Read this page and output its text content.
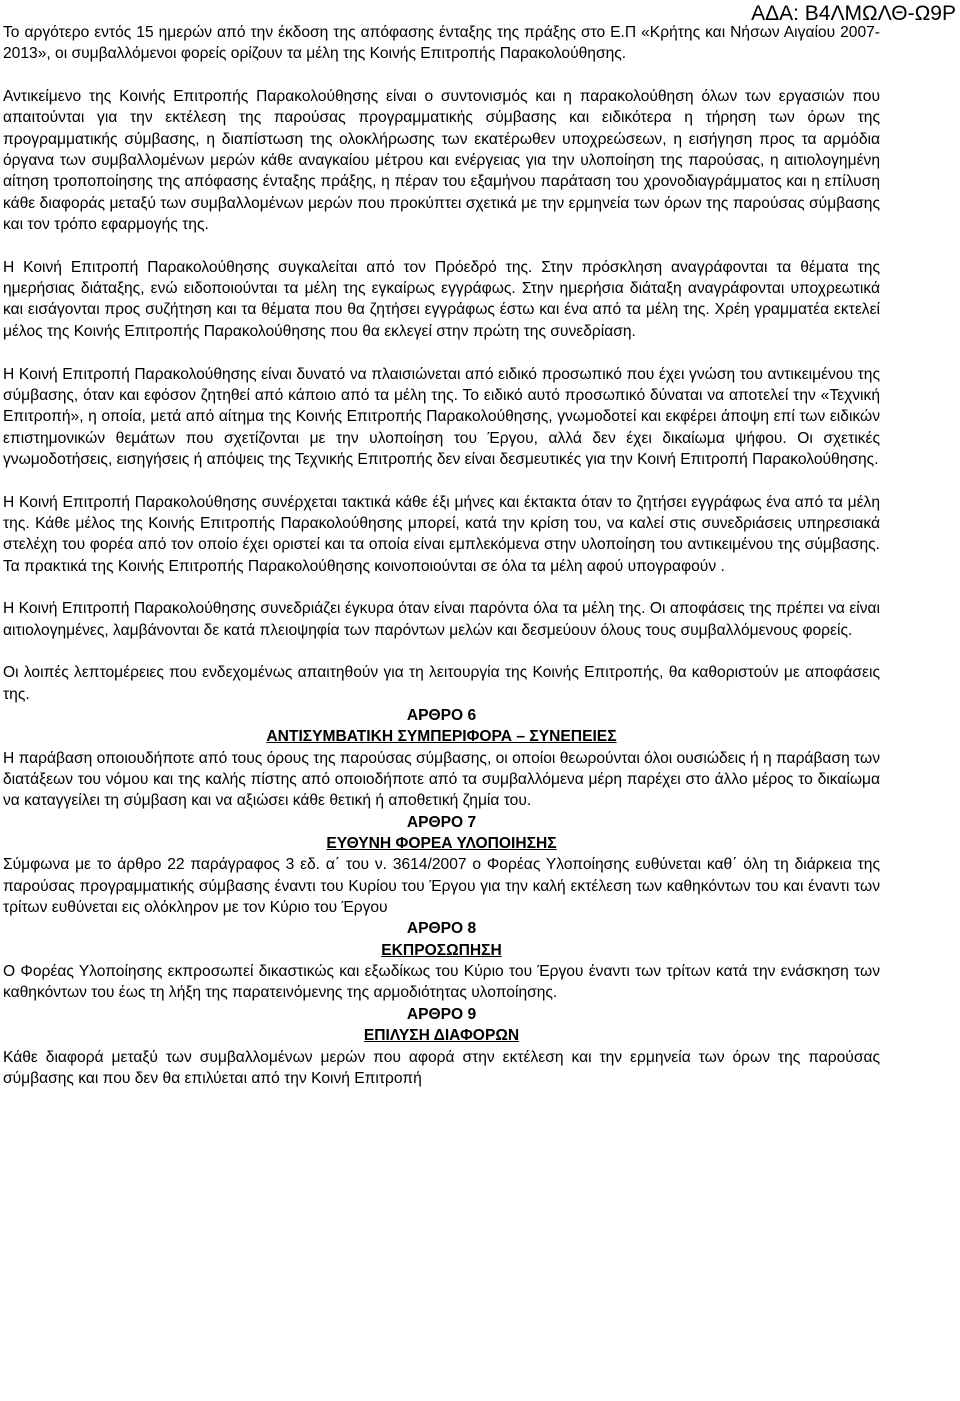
ΑΔΑ: Β4ΛΜΩΛΘ-Ω9Ρ

Το αργότερο εντός 15 ημερών από την έκδοση της απόφασης ένταξης της πράξης στο Ε.Π «Κρήτης και Νήσων Αιγαίου 2007-2013», οι συμβαλλόμενοι φορείς ορίζουν τα μέλη της Κοινής Επιτροπής Παρακολούθησης.

Αντικείμενο της Κοινής Επιτροπής Παρακολούθησης είναι ο συντονισμός και η παρακολούθηση όλων των εργασιών που απαιτούνται για την εκτέλεση της παρούσας προγραμματικής σύμβασης και ειδικότερα η τήρηση των όρων της προγραμματικής σύμβασης, η διαπίστωση της ολοκλήρωσης των εκατέρωθεν υποχρεώσεων, η εισήγηση προς τα αρμόδια όργανα των συμβαλλομένων μερών κάθε αναγκαίου μέτρου και ενέργειας για την υλοποίηση της παρούσας, η αιτιολογημένη αίτηση τροποποίησης της απόφασης ένταξης πράξης, η πέραν του εξαμήνου παράταση του χρονοδιαγράμματος και η επίλυση κάθε διαφοράς μεταξύ των συμβαλλομένων μερών που προκύπτει σχετικά με την ερμηνεία των όρων της παρούσας σύμβασης και τον τρόπο εφαρμογής της.

Η Κοινή Επιτροπή Παρακολούθησης συγκαλείται από τον Πρόεδρό της. Στην πρόσκληση αναγράφονται τα θέματα της ημερήσιας διάταξης, ενώ ειδοποιούνται τα μέλη της εγκαίρως εγγράφως. Στην ημερήσια διάταξη αναγράφονται υποχρεωτικά και εισάγονται προς συζήτηση και τα θέματα που θα ζητήσει εγγράφως έστω και ένα από τα μέλη της. Χρέη γραμματέα εκτελεί μέλος της Κοινής Επιτροπής Παρακολούθησης που θα εκλεγεί στην πρώτη της συνεδρίαση.

Η Κοινή Επιτροπή Παρακολούθησης είναι δυνατό να πλαισιώνεται από ειδικό προσωπικό που έχει γνώση του αντικειμένου της σύμβασης, όταν και εφόσον ζητηθεί από κάποιο από τα μέλη της. Το ειδικό αυτό προσωπικό δύναται να αποτελεί την «Τεχνική Επιτροπή», η οποία, μετά από αίτημα της Κοινής Επιτροπής Παρακολούθησης, γνωμοδοτεί και εκφέρει άποψη επί των ειδικών επιστημονικών θεμάτων που σχετίζονται με την υλοποίηση του Έργου, αλλά δεν έχει δικαίωμα ψήφου. Οι σχετικές γνωμοδοτήσεις, εισηγήσεις ή απόψεις της Τεχνικής Επιτροπής δεν είναι δεσμευτικές για την Κοινή Επιτροπή Παρακολούθησης.

Η Κοινή Επιτροπή Παρακολούθησης συνέρχεται τακτικά κάθε έξι μήνες και έκτακτα όταν το ζητήσει εγγράφως ένα από τα μέλη της. Κάθε μέλος της Κοινής Επιτροπής Παρακολούθησης μπορεί, κατά την κρίση του, να καλεί στις συνεδριάσεις υπηρεσιακά στελέχη του φορέα από τον οποίο έχει οριστεί και τα οποία είναι εμπλεκόμενα στην υλοποίηση του αντικειμένου της σύμβασης. Τα πρακτικά της Κοινής Επιτροπής Παρακολούθησης κοινοποιούνται σε όλα τα μέλη αφού υπογραφούν .

Η Κοινή Επιτροπή Παρακολούθησης συνεδριάζει έγκυρα όταν είναι παρόντα όλα τα μέλη της. Οι αποφάσεις της πρέπει να είναι αιτιολογημένες, λαμβάνονται δε κατά πλειοψηφία των παρόντων μελών και δεσμεύουν όλους τους συμβαλλόμενους φορείς.

Οι λοιπές λεπτομέρειες που ενδεχομένως απαιτηθούν για τη λειτουργία της Κοινής Επιτροπής, θα καθοριστούν με αποφάσεις της.

ΑΡΘΡΟ 6

ΑΝΤΙΣΥΜΒΑΤΙΚΗ ΣΥΜΠΕΡΙΦΟΡΑ – ΣΥΝΕΠΕΙΕΣ

Η παράβαση οποιουδήποτε από τους όρους της παρούσας σύμβασης, οι οποίοι θεωρούνται όλοι ουσιώδεις ή η παράβαση των διατάξεων του νόμου και της καλής πίστης από οποιοδήποτε από τα συμβαλλόμενα μέρη παρέχει στο άλλο μέρος το δικαίωμα να καταγγείλει τη σύμβαση και να αξιώσει κάθε θετική ή αποθετική ζημία του.

ΑΡΘΡΟ 7

ΕΥΘΥΝΗ ΦΟΡΕΑ ΥΛΟΠΟΙΗΣΗΣ

Σύμφωνα με το άρθρο 22 παράγραφος 3 εδ. α΄ του ν. 3614/2007 ο Φορέας Υλοποίησης ευθύνεται καθ΄ όλη τη διάρκεια της παρούσας προγραμματικής σύμβασης έναντι του Κυρίου του Έργου για την καλή εκτέλεση των καθηκόντων του και έναντι των τρίτων ευθύνεται εις ολόκληρον με τον Κύριο του Έργου

ΑΡΘΡΟ 8

ΕΚΠΡΟΣΩΠΗΣΗ

Ο Φορέας Υλοποίησης εκπροσωπεί δικαστικώς και εξωδίκως του Κύριο του Έργου έναντι των τρίτων κατά την ενάσκηση των καθηκόντων του έως τη λήξη της παρατεινόμενης της αρμοδιότητας υλοποίησης.

ΑΡΘΡΟ 9

ΕΠΙΛΥΣΗ ΔΙΑΦΟΡΩΝ

Κάθε διαφορά μεταξύ των συμβαλλομένων μερών που αφορά στην εκτέλεση και την ερμηνεία των όρων της παρούσας σύμβασης και που δεν θα επιλύεται από την Κοινή Επιτροπή
